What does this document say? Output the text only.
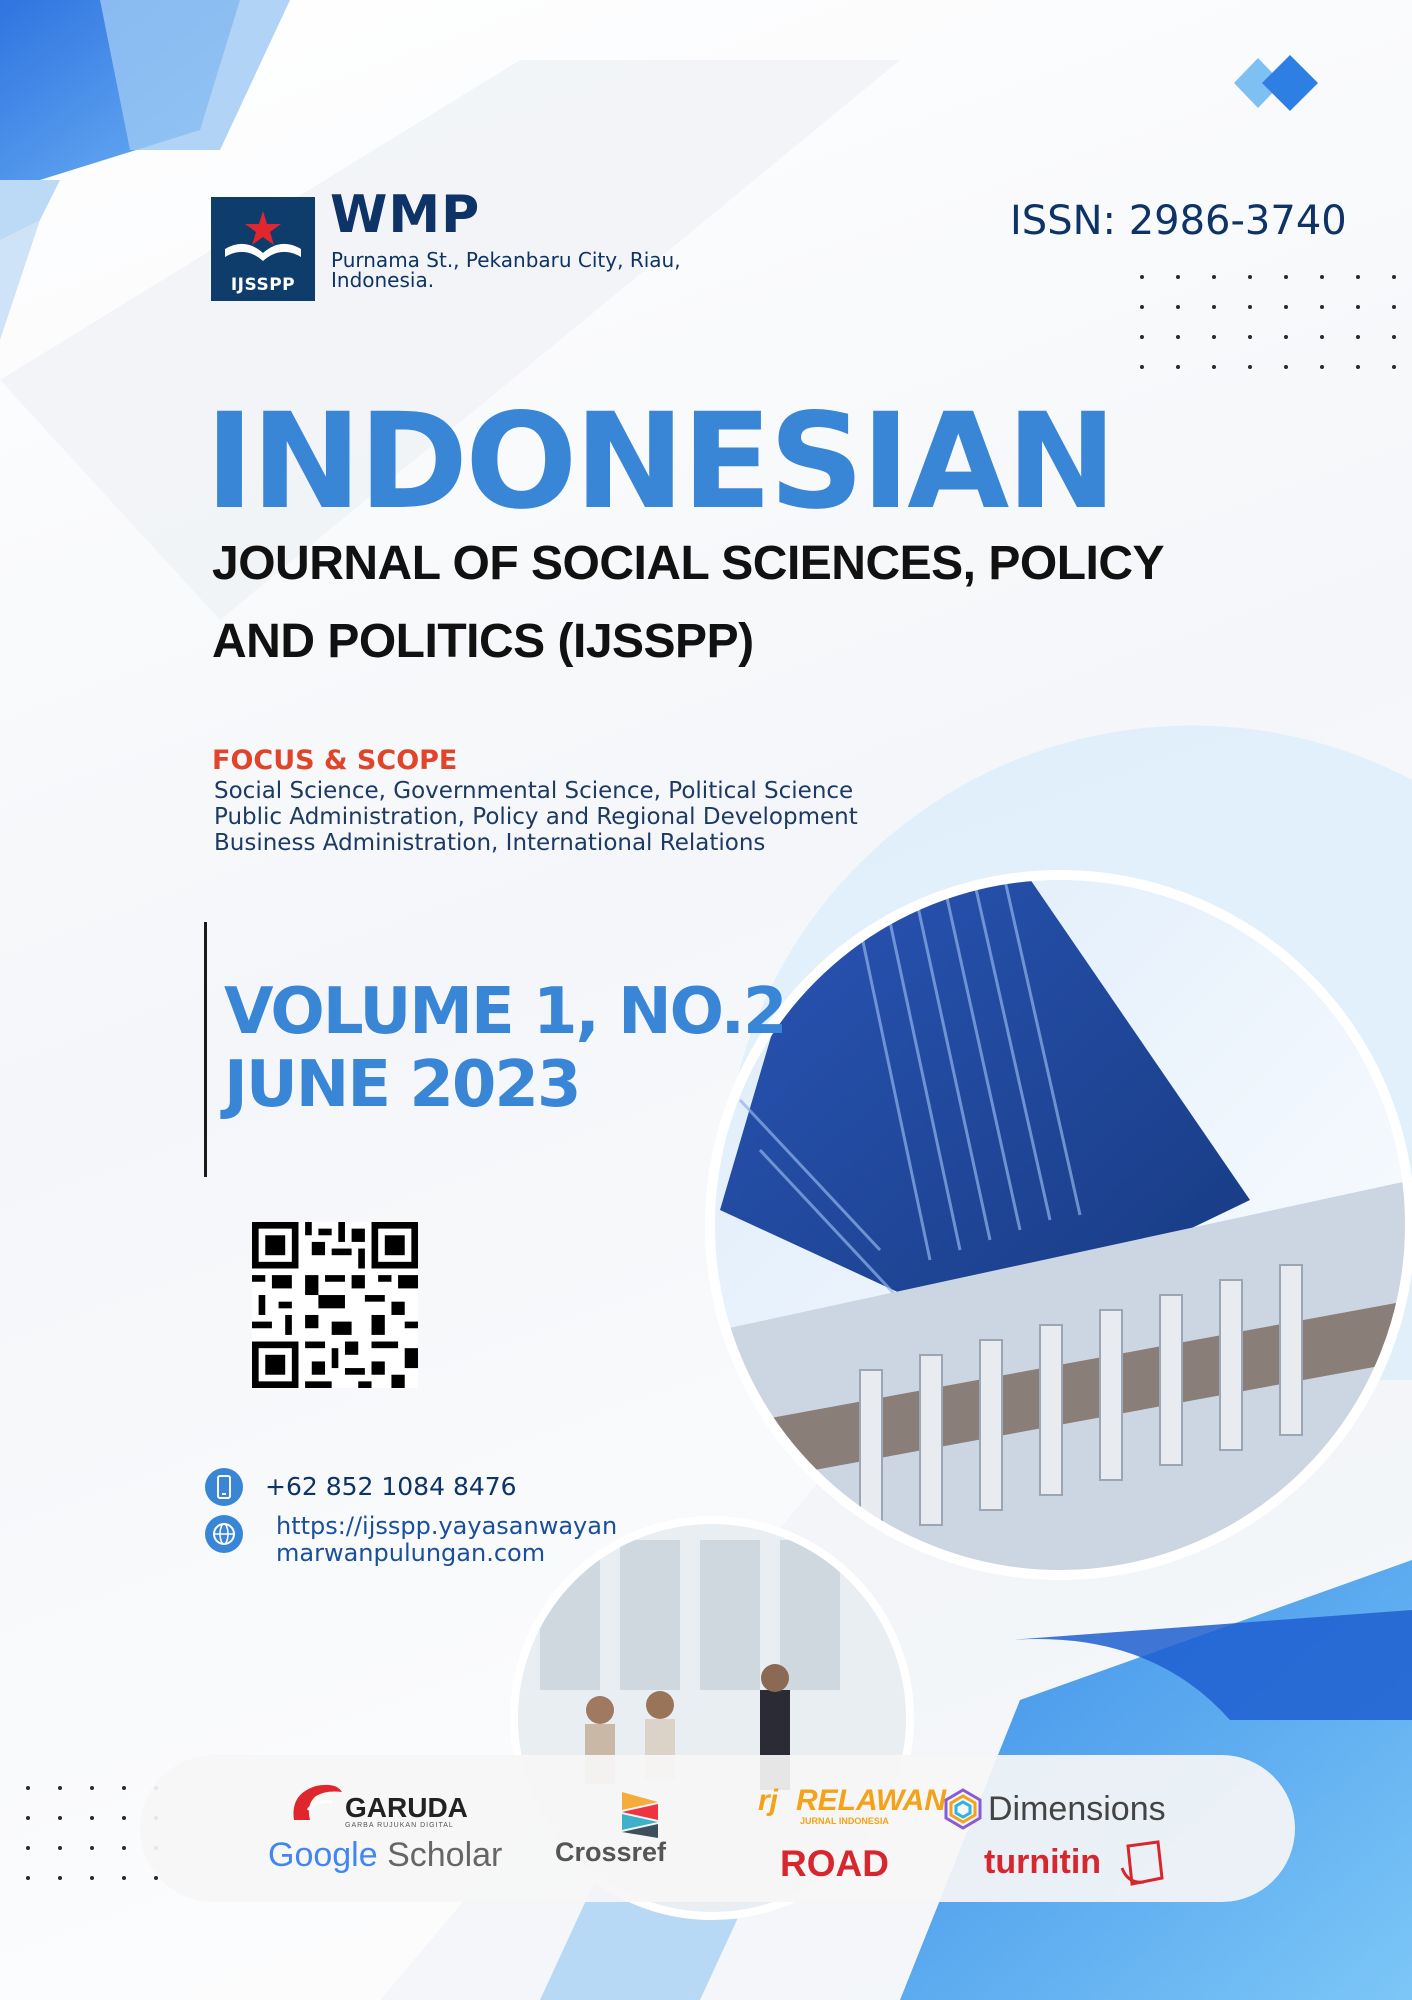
IJSSPP
WMP
Purnama St., Pekanbaru City, Riau, Indonesia.
ISSN: 2986-3740
INDONESIAN
JOURNAL OF SOCIAL SCIENCES, POLICY
AND POLITICS (IJSSPP)
FOCUS & SCOPE
Social Science, Governmental Science, Political Science
Public Administration, Policy and Regional Development
Business Administration, International Relations
VOLUME 1, NO.2
JUNE 2023
+62 852 1084 8476
https://ijsspp.yayasanwayan
marwanpulungan.com
GARUDA
GARBA RUJUKAN DIGITAL
Google Scholar Crossref
rj RELAWAN
JURNAL INDONESIA
ROAD
Dimensions
turnitin
